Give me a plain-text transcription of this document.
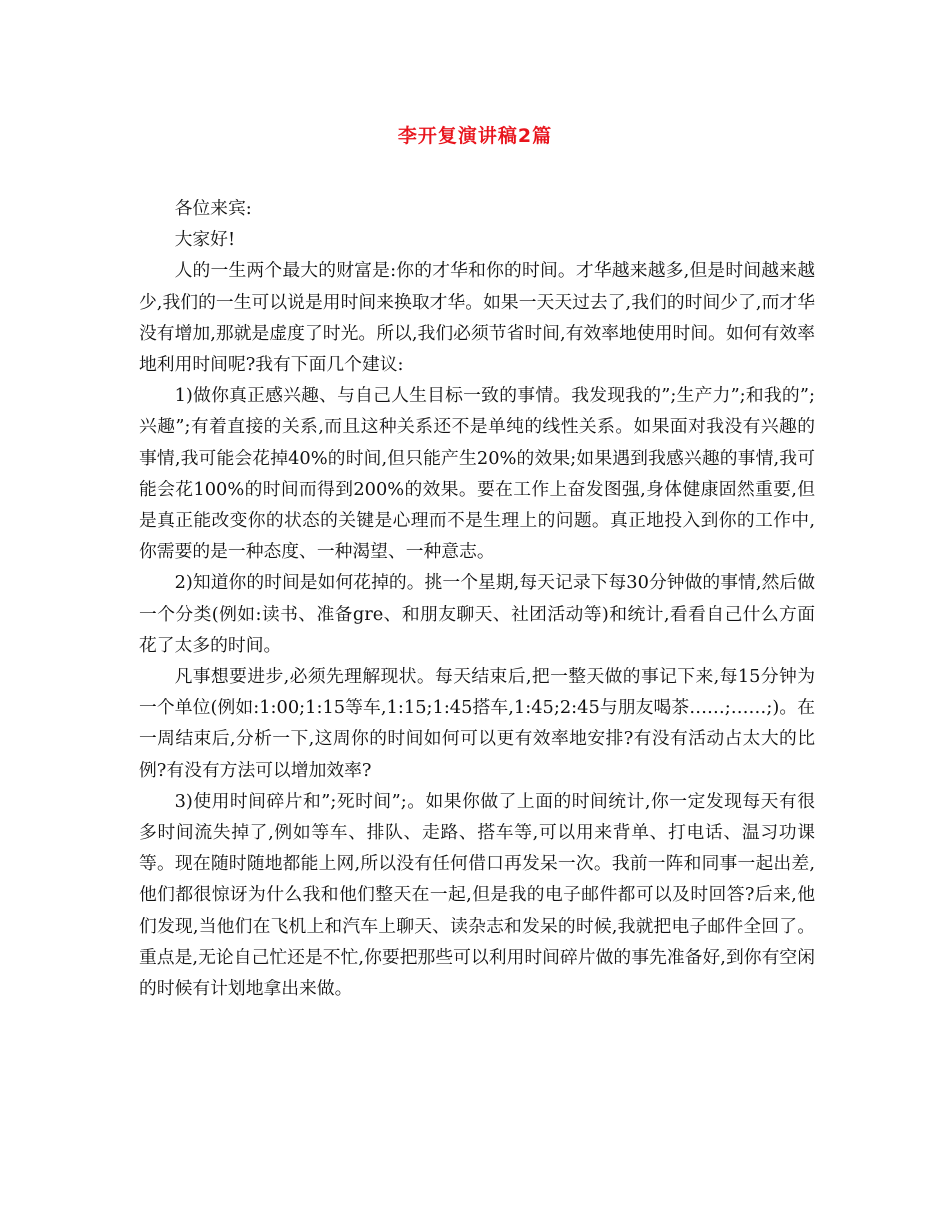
李开复演讲稿2篇

各位来宾:

大家好!

人的一生两个最大的财富是:你的才华和你的时间。才华越来越多,但是时间越来越少,我们的一生可以说是用时间来换取才华。如果一天天过去了,我们的时间少了,而才华没有增加,那就是虚度了时光。所以,我们必须节省时间,有效率地使用时间。如何有效率地利用时间呢?我有下面几个建议:

1)做你真正感兴趣、与自己人生目标一致的事情。我发现我的”;生产力”;和我的”;兴趣”;有着直接的关系,而且这种关系还不是单纯的线性关系。如果面对我没有兴趣的事情,我可能会花掉40%的时间,但只能产生20%的效果;如果遇到我感兴趣的事情,我可能会花100%的时间而得到200%的效果。要在工作上奋发图强,身体健康固然重要,但是真正能改变你的状态的关键是心理而不是生理上的问题。真正地投入到你的工作中,你需要的是一种态度、一种渴望、一种意志。

2)知道你的时间是如何花掉的。挑一个星期,每天记录下每30分钟做的事情,然后做一个分类(例如:读书、准备gre、和朋友聊天、社团活动等)和统计,看看自己什么方面花了太多的时间。

凡事想要进步,必须先理解现状。每天结束后,把一整天做的事记下来,每15分钟为一个单位(例如:1:00;1:15等车,1:15;1:45搭车,1:45;2:45与朋友喝茶……;……;)。在一周结束后,分析一下,这周你的时间如何可以更有效率地安排?有没有活动占太大的比例?有没有方法可以增加效率?

3)使用时间碎片和”;死时间”;。如果你做了上面的时间统计,你一定发现每天有很多时间流失掉了,例如等车、排队、走路、搭车等,可以用来背单、打电话、温习功课等。现在随时随地都能上网,所以没有任何借口再发呆一次。我前一阵和同事一起出差,他们都很惊讶为什么我和他们整天在一起,但是我的电子邮件都可以及时回答?后来,他们发现,当他们在飞机上和汽车上聊天、读杂志和发呆的时候,我就把电子邮件全回了。重点是,无论自己忙还是不忙,你要把那些可以利用时间碎片做的事先准备好,到你有空闲的时候有计划地拿出来做。
